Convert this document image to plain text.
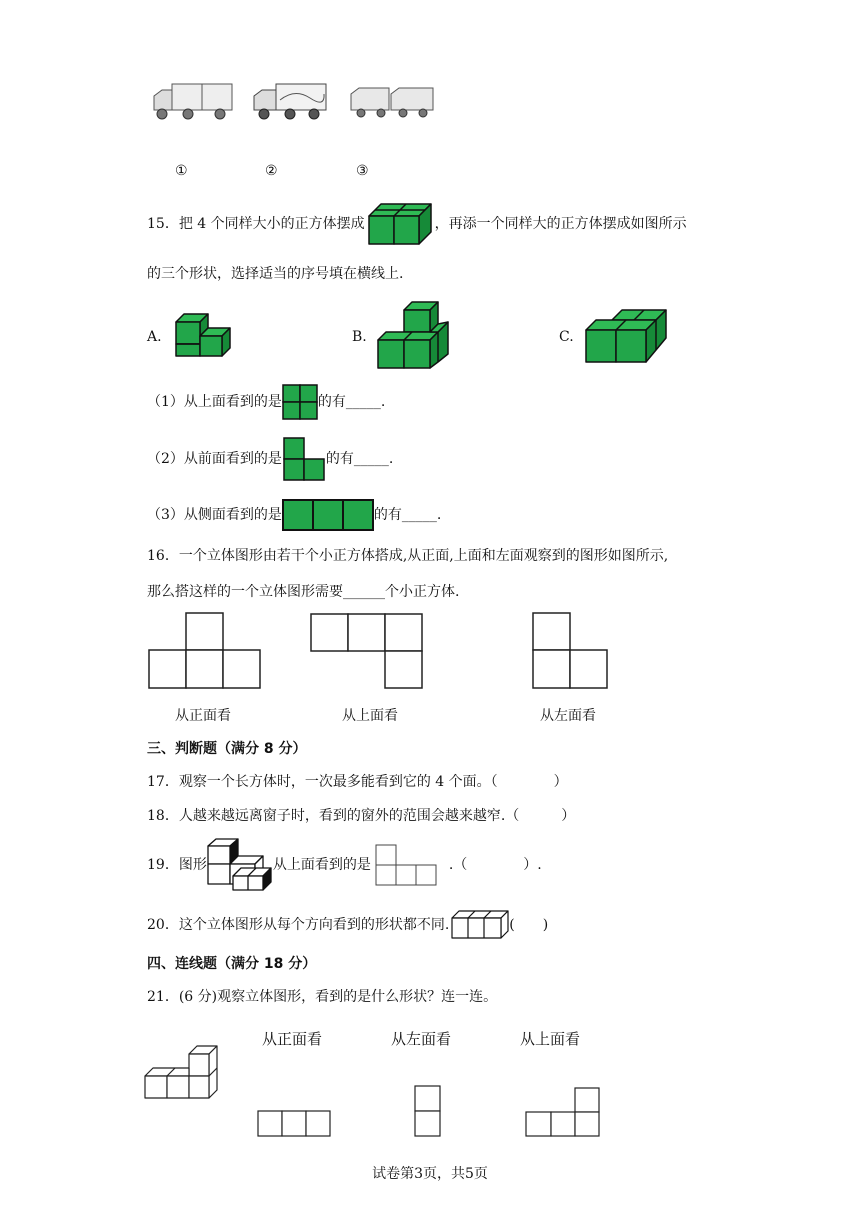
①	②	③
15．把 4 个同样大小的正方体摆成	，再添一个同样大的正方体摆成如图所示
的三个形状，选择适当的序号填在横线上.
A.	B.	C.
（1）从上面看到的是	的有_____.
（2）从前面看到的是	的有_____.
（3）从侧面看到的是	的有_____.
16．一个立体图形由若干个小正方体搭成,从正面,上面和左面观察到的图形如图所示,
那么搭这样的一个立体图形需要______个小正方体.
从正面看	从上面看	从左面看
三、判断题（满分 8 分）
17．观察一个长方体时，一次最多能看到它的 4 个面。（　　　　）
18．人越来越远离窗子时，看到的窗外的范围会越来越窄.（　　　）
19．图形	从上面看到的是	.（　　　　）.
20．这个立体图形从每个方向看到的形状都不同.	(　　)
四、连线题（满分 18 分）
21．(6 分)观察立体图形，看到的是什么形状？连一连。
从正面看	从左面看	从上面看
试卷第3页，共5页
